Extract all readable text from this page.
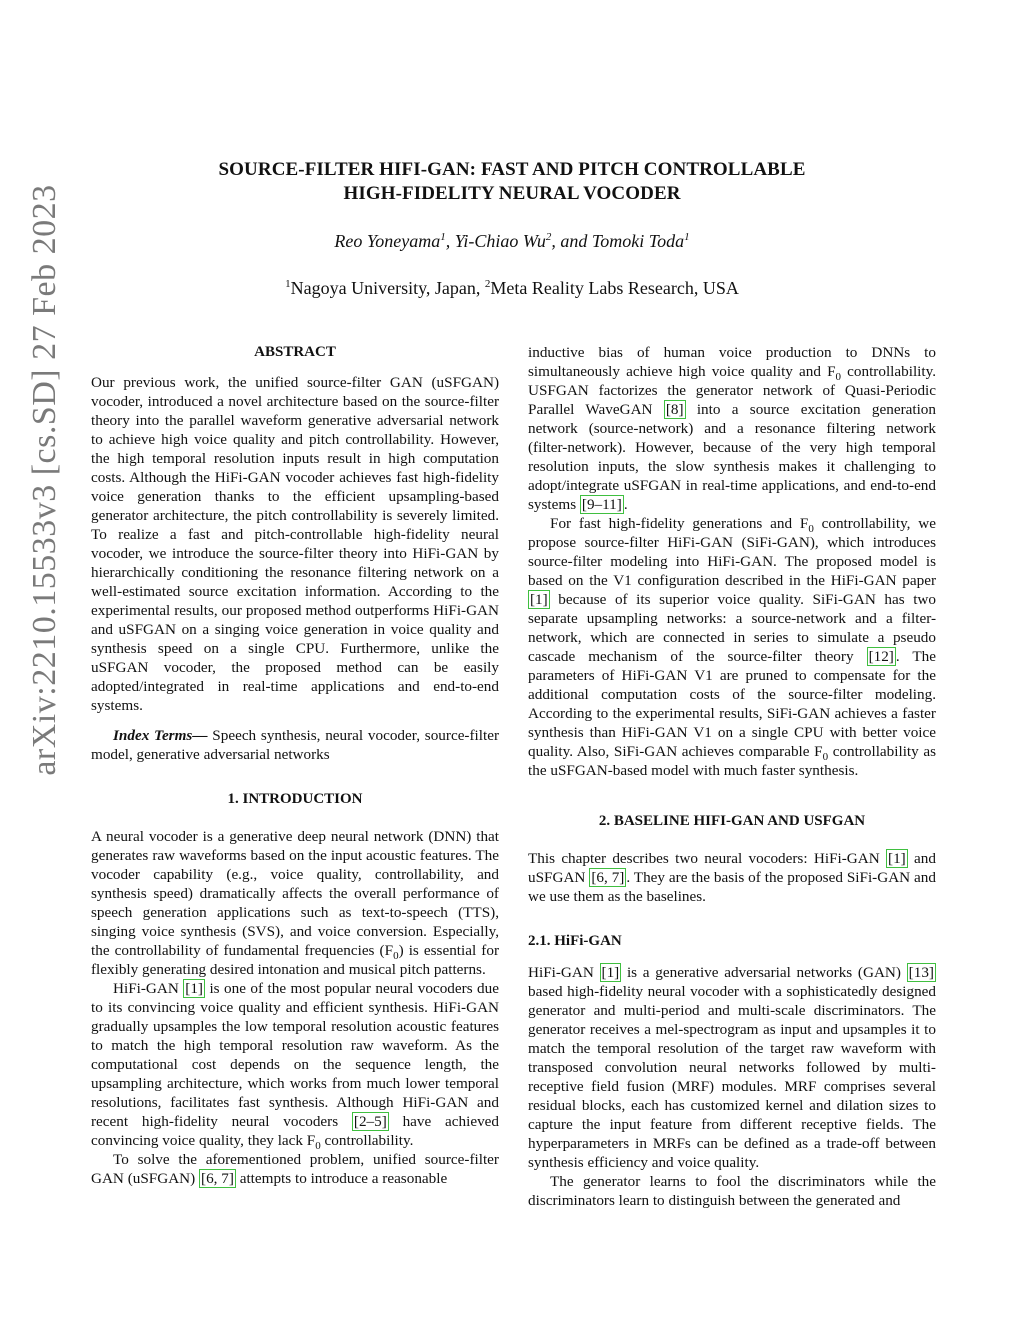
arXiv:2210.15533v3 [cs.SD] 27 Feb 2023
SOURCE-FILTER HIFI-GAN: FAST AND PITCH CONTROLLABLE
HIGH-FIDELITY NEURAL VOCODER
Reo Yoneyama$^1$, Yi-Chiao Wu$^2$, and Tomoki Toda$^1$
$^1$Nagoya University, Japan, $^2$Meta Reality Labs Research, USA

ABSTRACT

Our previous work, the unified source-filter GAN (uSFGAN) vocoder, introduced a novel architecture based on the source-filter theory into the parallel waveform generative adversarial network to achieve high voice quality and pitch controllability. However, the high temporal resolution inputs result in high computation costs. Although the HiFi-GAN vocoder achieves fast high-fidelity voice generation thanks to the efficient upsampling-based generator architecture, the pitch controllability is severely limited. To realize a fast and pitch-controllable high-fidelity neural vocoder, we introduce the source-filter theory into HiFi-GAN by hierarchically conditioning the resonance filtering network on a well-estimated source excitation information. According to the experimental results, our proposed method outperforms HiFi-GAN and uSFGAN on a singing voice generation in voice quality and synthesis speed on a single CPU. Furthermore, unlike the uSFGAN vocoder, the proposed method can be easily adopted/integrated in real-time applications and end-to-end systems.

Index Terms— Speech synthesis, neural vocoder, source-filter model, generative adversarial networks

1. INTRODUCTION

A neural vocoder is a generative deep neural network (DNN) that generates raw waveforms based on the input acoustic features. The vocoder capability (e.g., voice quality, controllability, and synthesis speed) dramatically affects the overall performance of speech generation applications such as text-to-speech (TTS), singing voice synthesis (SVS), and voice conversion. Especially, the controllability of fundamental frequencies $(F_0)$ is essential for flexibly generating desired intonation and musical pitch patterns.

HiFi-GAN [1] is one of the most popular neural vocoders due to its convincing voice quality and efficient synthesis. HiFi-GAN gradually upsamples the low temporal resolution acoustic features to match the high temporal resolution raw waveform. As the computational cost depends on the sequence length, the upsampling architecture, which works from much lower temporal resolutions, facilitates fast synthesis. Although HiFi-GAN and recent high-fidelity neural vocoders [2–5] have achieved convincing voice quality, they lack $F_0$ controllability.

To solve the aforementioned problem, unified source-filter GAN (uSFGAN) [6, 7] attempts to introduce a reasonable

inductive bias of human voice production to DNNs to simultaneously achieve high voice quality and $F_0$ controllability. USFGAN factorizes the generator network of Quasi-Periodic Parallel WaveGAN [8] into a source excitation generation network (source-network) and a resonance filtering network (filter-network). However, because of the very high temporal resolution inputs, the slow synthesis makes it challenging to adopt/integrate uSFGAN in real-time applications, and end-to-end systems [9–11] .

For fast high-fidelity generations and $F_0$ controllability, we propose source-filter HiFi-GAN (SiFi-GAN), which introduces source-filter modeling into HiFi-GAN. The proposed model is based on the V1 configuration described in the HiFi-GAN paper [1] because of its superior voice quality. SiFi-GAN has two separate upsampling networks: a source-network and a filter-network, which are connected in series to simulate a pseudo cascade mechanism of the source-filter theory [12] . The parameters of HiFi-GAN V1 are pruned to compensate for the additional computation costs of the source-filter modeling. According to the experimental results, SiFi-GAN achieves a faster synthesis than HiFi-GAN V1 on a single CPU with better voice quality. Also, SiFi-GAN achieves comparable $F_0$ controllability as the uSFGAN-based model with much faster synthesis.

2. BASELINE HIFI-GAN AND USFGAN

This chapter describes two neural vocoders: HiFi-GAN [1] and uSFGAN [6, 7] . They are the basis of the proposed SiFi-GAN and we use them as the baselines.

2.1. HiFi-GAN

HiFi-GAN [1] is a generative adversarial networks (GAN) [13] based high-fidelity neural vocoder with a sophisticatedly designed generator and multi-period and multi-scale discriminators. The generator receives a mel-spectrogram as input and upsamples it to match the temporal resolution of the target raw waveform with transposed convolution neural networks followed by multi-receptive field fusion (MRF) modules. MRF comprises several residual blocks, each has customized kernel and dilation sizes to capture the input feature from different receptive fields. The hyperparameters in MRFs can be defined as a trade-off between synthesis efficiency and voice quality.

The generator learns to fool the discriminators while the discriminators learn to distinguish between the generated and
